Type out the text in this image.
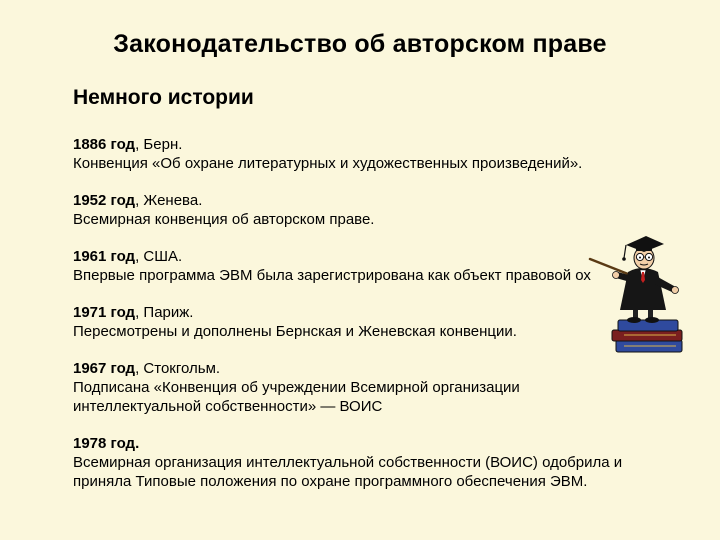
Законодательство об авторском праве
Немного истории

1886 год, Берн.

Конвенция «Об охране литературных и художественных произведений».

1952 год, Женева.

Всемирная конвенция об авторском праве.

1961 год, США.

Впервые программа ЭВМ была зарегистрирована как объект правовой ох

1971 год, Париж.

Пересмотрены и дополнены Бернская и Женевская конвенции.

1967 год, Стокгольм.

Подписана «Конвенция об учреждении Всемирной организации

интеллектуальной собственности» — ВОИС

1978 год.

Всемирная организация интеллектуальной собственности (ВОИС) одобрила и

приняла Типовые положения по охране программного обеспечения ЭВМ.
